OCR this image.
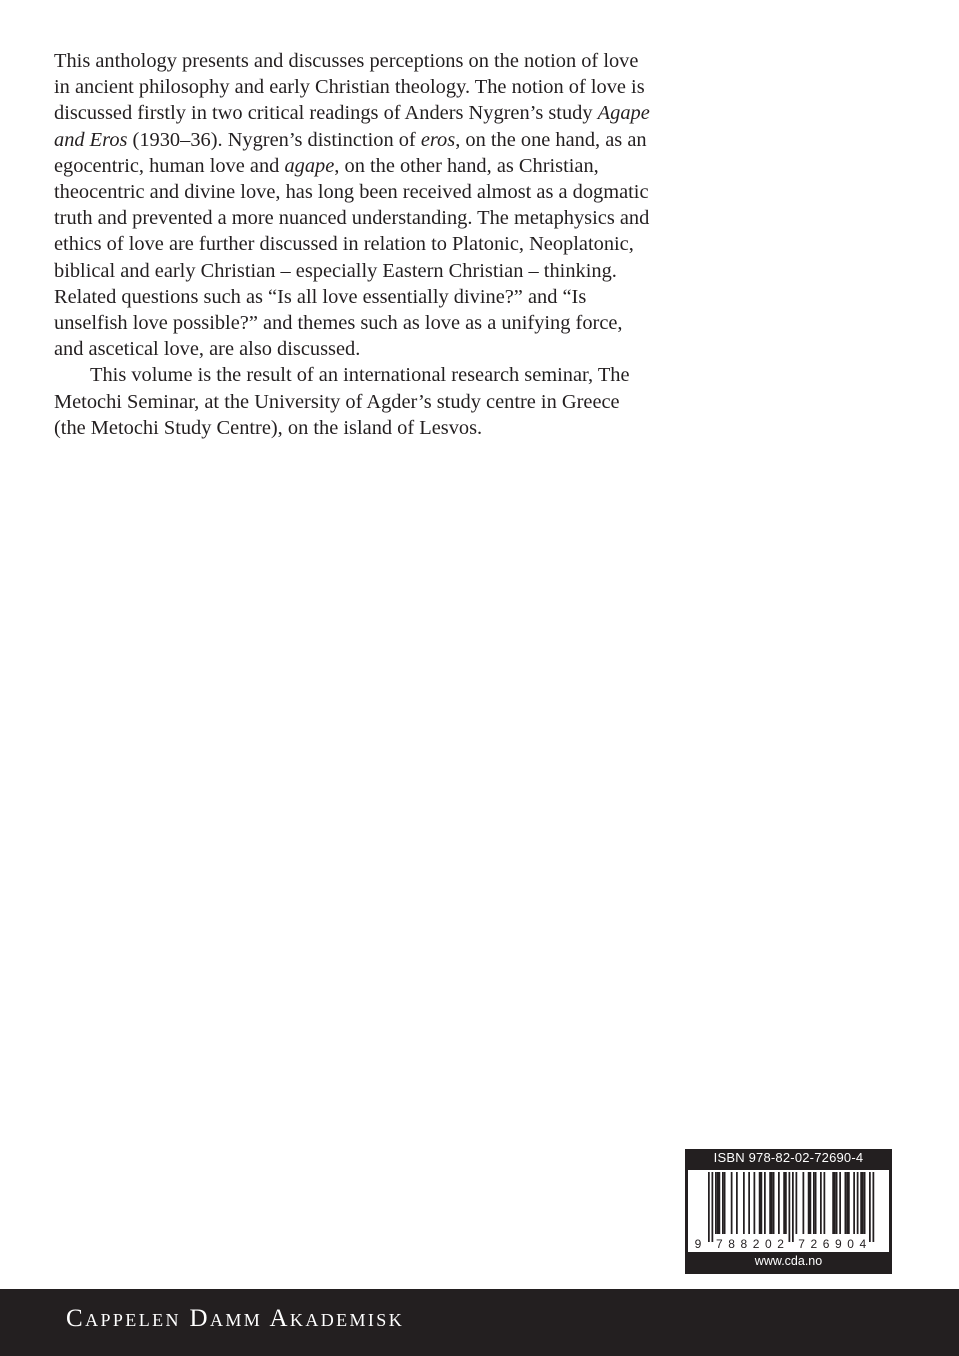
This anthology presents and discusses perceptions on the notion of love in ancient philosophy and early Christian theology. The notion of love is discussed firstly in two critical readings of Anders Nygren’s study Agape and Eros (1930–36). Nygren’s distinction of eros, on the one hand, as an egocentric, human love and agape, on the other hand, as Christian, theocentric and divine love, has long been received almost as a dogmatic truth and prevented a more nuanced understanding. The metaphysics and ethics of love are further discussed in relation to Platonic, Neoplatonic, biblical and early Christian – especially Eastern Christian – thinking. Related questions such as “Is all love essentially divine?” and “Is unselfish love possible?” and themes such as love as a unifying force, and ascetical love, are also discussed.

This volume is the result of an international research seminar, The Metochi Seminar, at the University of Agder’s study centre in Greece (the Metochi Study Centre), on the island of Lesvos.

ISBN 978-82-02-72690-4
9 7 8 8 2 0 2 7 2 6 9 0 4
www.cda.no
Cappelen Damm Akademisk
